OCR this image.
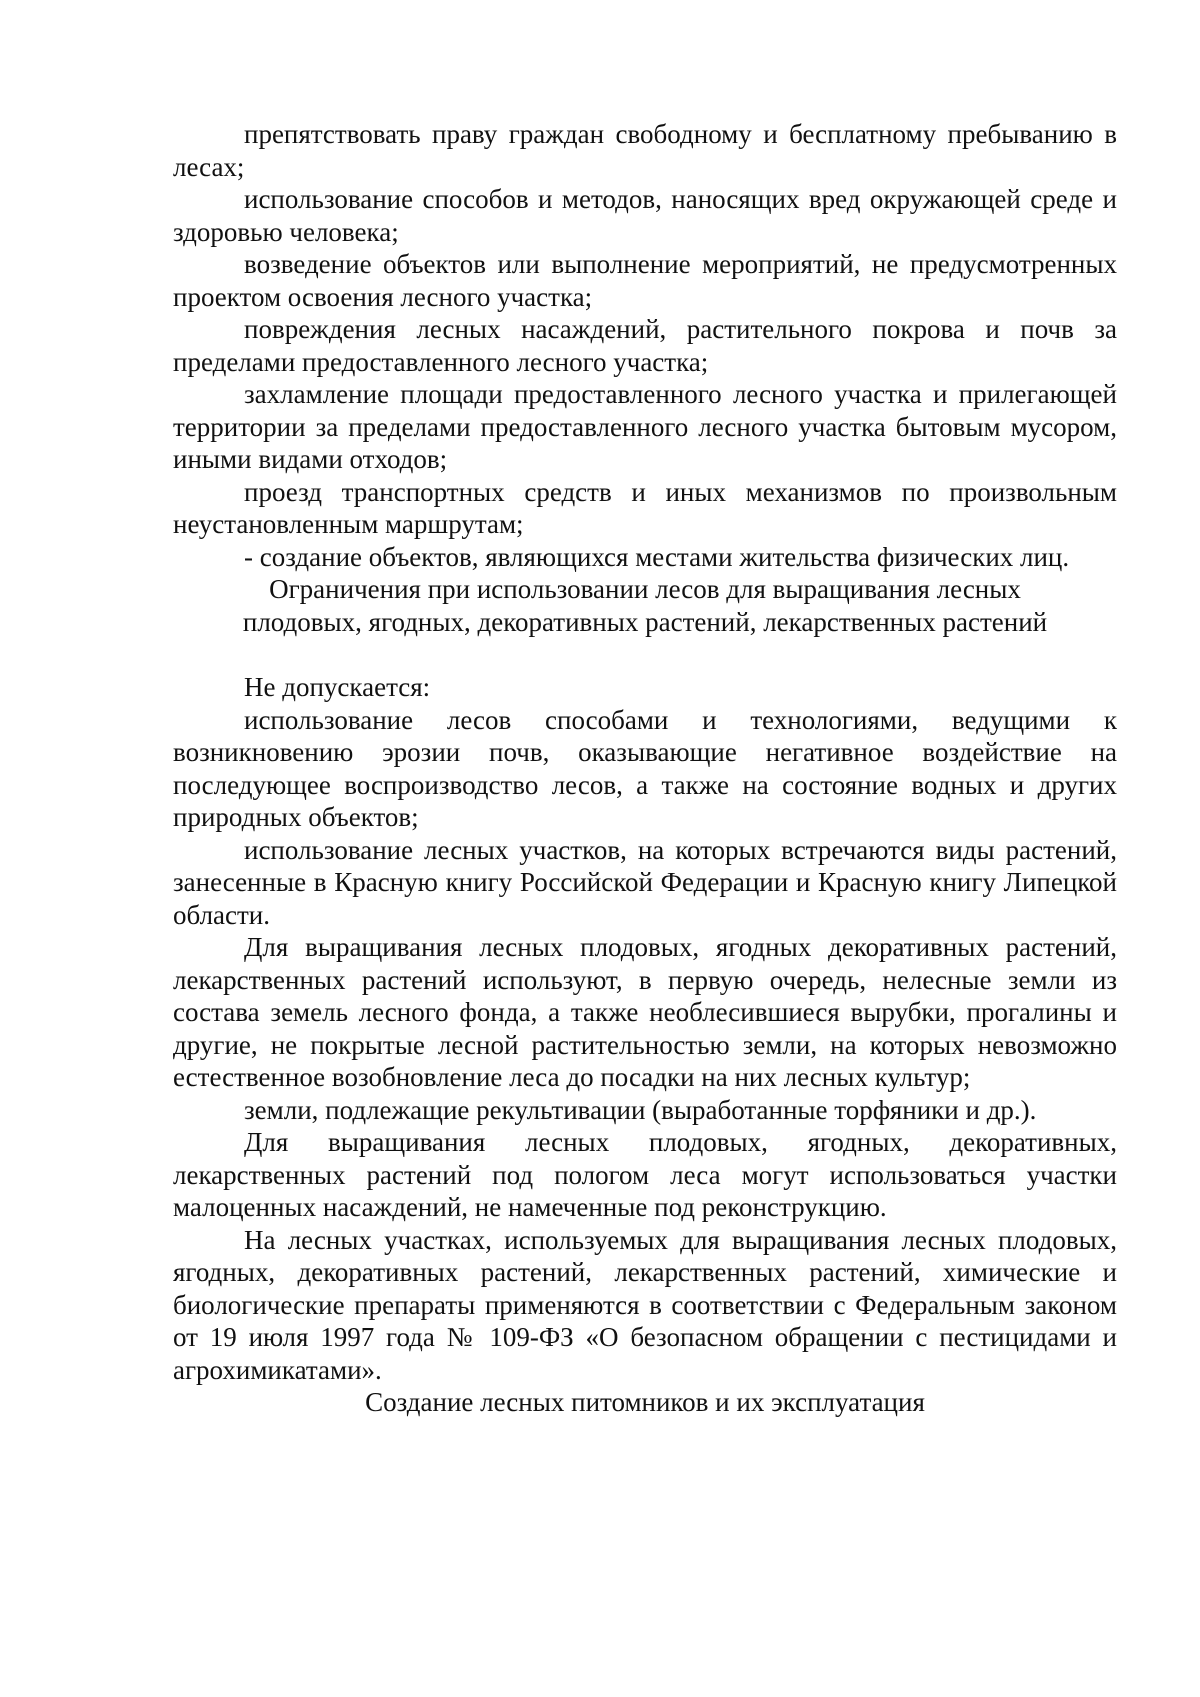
препятствовать праву граждан свободному и бесплатному пребыванию в лесах;

использование способов и методов, наносящих вред окружающей среде и здоровью человека;

возведение объектов или выполнение мероприятий, не предусмотренных проектом освоения лесного участка;

повреждения лесных насаждений, растительного покрова и почв за пределами предоставленного лесного участка;

захламление площади предоставленного лесного участка и прилегающей территории за пределами предоставленного лесного участка бытовым мусором, иными видами отходов;

проезд транспортных средств и иных механизмов по произвольным неустановленным маршрутам;

- создание объектов, являющихся местами жительства физических лиц.

Ограничения при использовании лесов для выращивания лесных
плодовых, ягодных, декоративных растений, лекарственных растений

Не допускается:

использование лесов способами и технологиями, ведущими к возникновению эрозии почв, оказывающие негативное воздействие на последующее воспроизводство лесов, а также на состояние водных и других природных объектов;

использование лесных участков, на которых встречаются виды растений, занесенные в Красную книгу Российской Федерации и Красную книгу Липецкой области.

Для выращивания лесных плодовых, ягодных декоративных растений, лекарственных растений используют, в первую очередь, нелесные земли из состава земель лесного фонда, а также необлесившиеся вырубки, прогалины и другие, не покрытые лесной растительностью земли, на которых невозможно естественное возобновление леса до посадки на них лесных культур;

земли, подлежащие рекультивации (выработанные торфяники и др.).

Для выращивания лесных плодовых, ягодных, декоративных, лекарственных растений под пологом леса могут использоваться участки малоценных насаждений, не намеченные под реконструкцию.

На лесных участках, используемых для выращивания лесных плодовых, ягодных, декоративных растений, лекарственных растений, химические и биологические препараты применяются в соответствии с Федеральным законом от 19 июля 1997 года № 109-ФЗ «О безопасном обращении с пестицидами и агрохимикатами».

Создание лесных питомников и их эксплуатация
